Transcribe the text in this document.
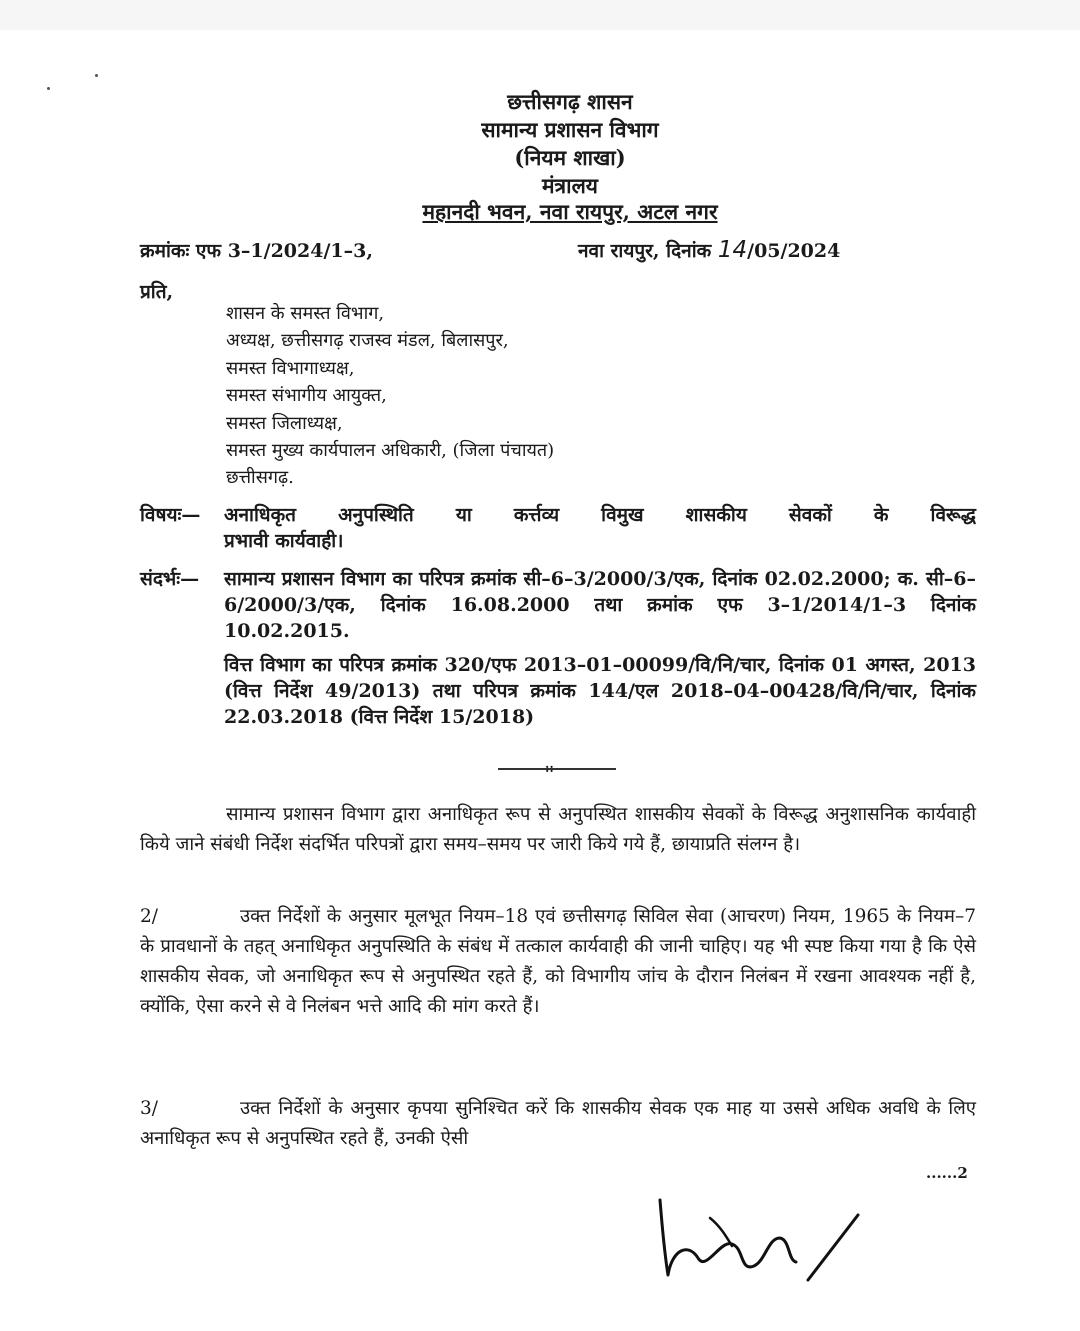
छत्तीसगढ़ शासन
सामान्य प्रशासन विभाग
(नियम शाखा)
मंत्रालय
महानदी भवन, नवा रायपुर, अटल नगर
क्रमांकः एफ 3–1/2024/1–3,	नवा रायपुर, दिनांक 14/05/2024
प्रति,
शासन के समस्त विभाग,
अध्यक्ष, छत्तीसगढ़ राजस्व मंडल, बिलासपुर,
समस्त विभागाध्यक्ष,
समस्त संभागीय आयुक्त,
समस्त जिलाध्यक्ष,
समस्त मुख्य कार्यपालन अधिकारी, (जिला पंचायत)
छत्तीसगढ़.
विषयः— अनाधिकृत अनुपस्थिति या कर्त्तव्य विमुख शासकीय सेवकों के विरूद्ध
प्रभावी कार्यवाही।
संदर्भः— सामान्य प्रशासन विभाग का परिपत्र क्रमांक सी–6–3/2000/3/एक, दिनांक 02.02.2000; क. सी–6–6/2000/3/एक, दिनांक 16.08.2000 तथा क्रमांक एफ 3–1/2014/1–3 दिनांक 10.02.2015.

वित्त विभाग का परिपत्र क्रमांक 320/एफ 2013–01–00099/वि/नि/चार, दिनांक 01 अगस्त, 2013 (वित्त निर्देश 49/2013) तथा परिपत्र क्रमांक 144/एल 2018–04–00428/वि/नि/चार, दिनांक 22.03.2018 (वित्त निर्देश 15/2018)

::
सामान्य प्रशासन विभाग द्वारा अनाधिकृत रूप से अनुपस्थित शासकीय सेवकों के विरूद्ध अनुशासनिक कार्यवाही किये जाने संबंधी निर्देश संदर्भित परिपत्रों द्वारा समय–समय पर जारी किये गये हैं, छायाप्रति संलग्न है।
2/	उक्त निर्देशों के अनुसार मूलभूत नियम–18 एवं छत्तीसगढ़ सिविल सेवा (आचरण) नियम, 1965 के नियम–7 के प्रावधानों के तहत् अनाधिकृत अनुपस्थिति के संबंध में तत्काल कार्यवाही की जानी चाहिए। यह भी स्पष्ट किया गया है कि ऐसे शासकीय सेवक, जो अनाधिकृत रूप से अनुपस्थित रहते हैं, को विभागीय जांच के दौरान निलंबन में रखना आवश्यक नहीं है, क्योंकि, ऐसा करने से वे निलंबन भत्ते आदि की मांग करते हैं।
3/	उक्त निर्देशों के अनुसार कृपया सुनिश्चित करें कि शासकीय सेवक एक माह या उससे अधिक अवधि के लिए अनाधिकृत रूप से अनुपस्थित रहते हैं, उनकी ऐसी
......2
